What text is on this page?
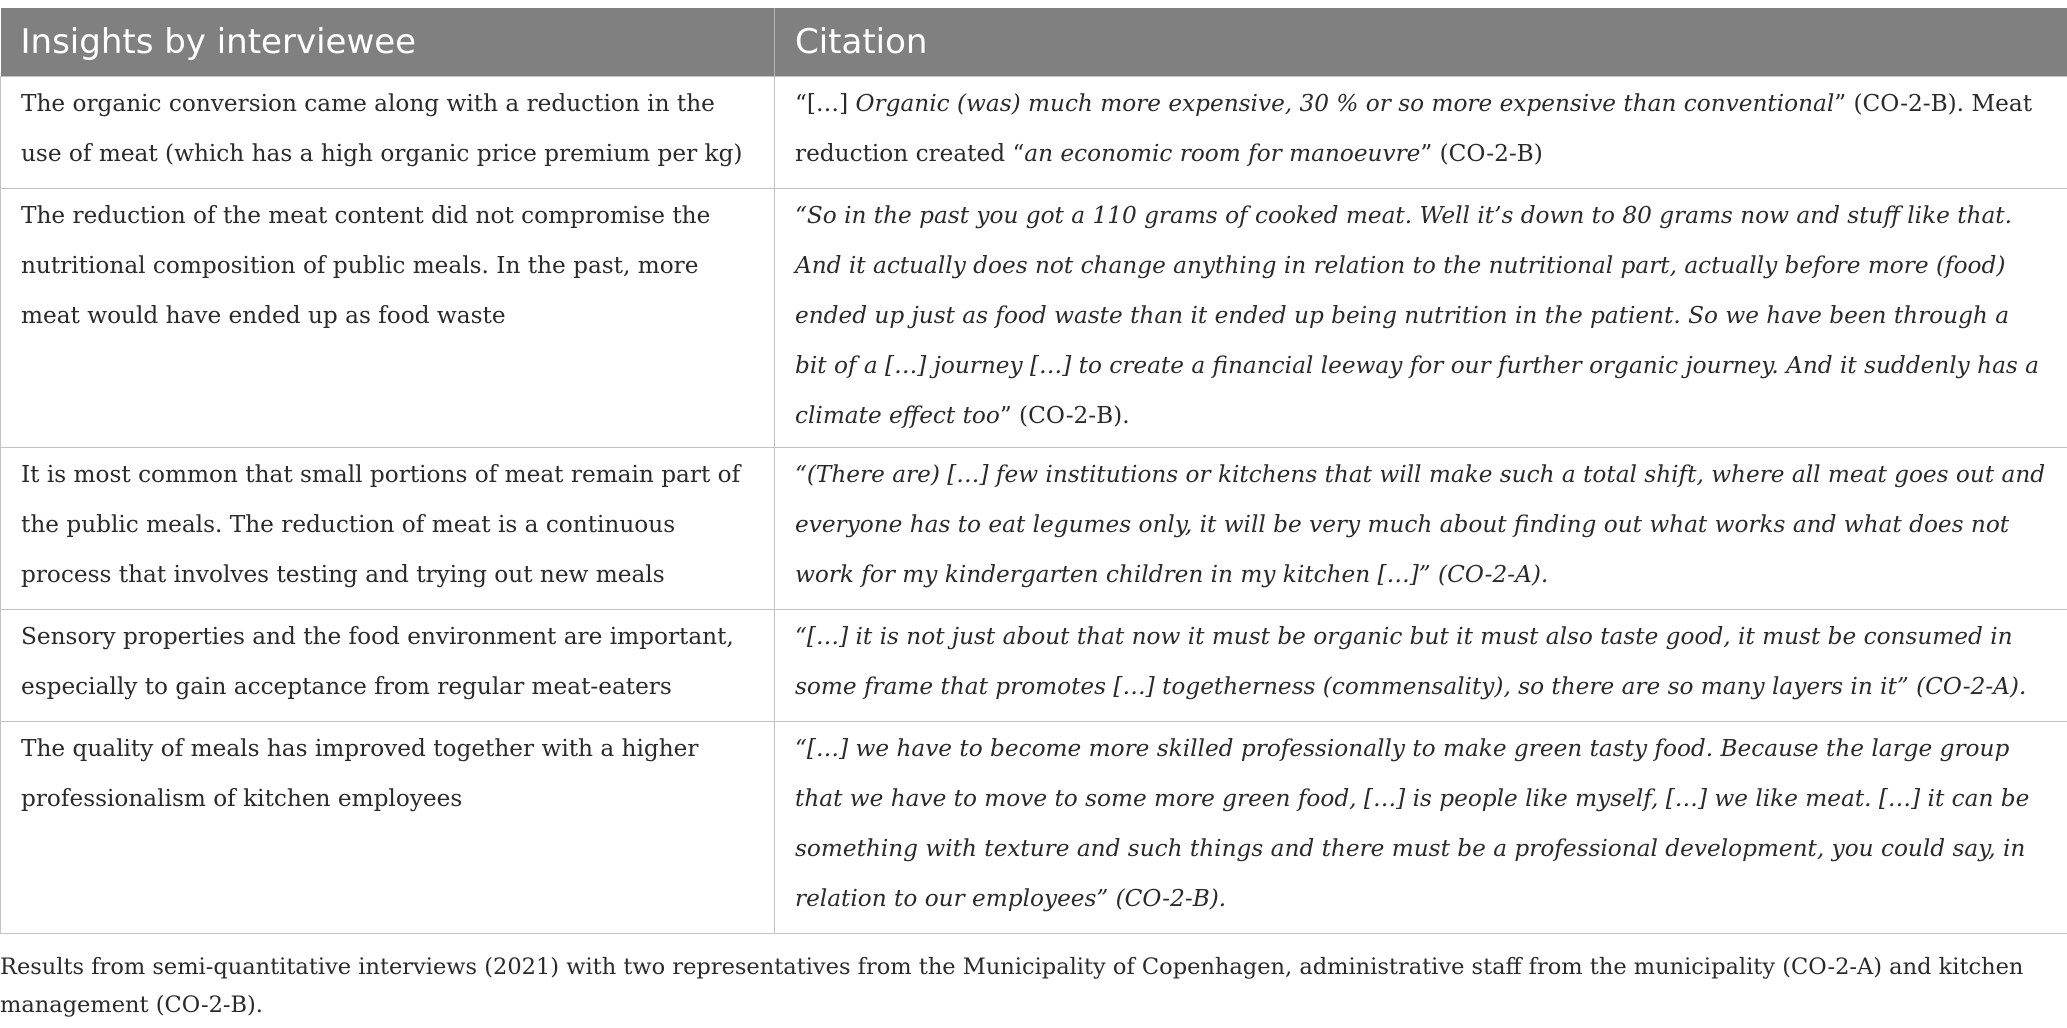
Insights by interviewee	Citation
The organic conversion came along with a reduction in the use of meat (which has a high organic price premium per kg)	“[…] Organic (was) much more expensive, 30 % or so more expensive than conventional” (CO-2-B). Meat reduction created “an economic room for manoeuvre” (CO-2-B)
The reduction of the meat content did not compromise the nutritional composition of public meals. In the past, more meat would have ended up as food waste	“So in the past you got a 110 grams of cooked meat. Well it’s down to 80 grams now and stuff like that. And it actually does not change anything in relation to the nutritional part, actually before more (food) ended up just as food waste than it ended up being nutrition in the patient. So we have been through a bit of a […] journey […] to create a financial leeway for our further organic journey. And it suddenly has a climate effect too” (CO-2-B).
It is most common that small portions of meat remain part of the public meals. The reduction of meat is a continuous process that involves testing and trying out new meals	“(There are) […] few institutions or kitchens that will make such a total shift, where all meat goes out and everyone has to eat legumes only, it will be very much about finding out what works and what does not work for my kindergarten children in my kitchen […]” (CO-2-A).
Sensory properties and the food environment are important, especially to gain acceptance from regular meat-eaters	“[…] it is not just about that now it must be organic but it must also taste good, it must be consumed in some frame that promotes […] togetherness (commensality), so there are so many layers in it” (CO-2-A).
The quality of meals has improved together with a higher professionalism of kitchen employees	“[…] we have to become more skilled professionally to make green tasty food. Because the large group that we have to move to some more green food, […] is people like myself, […] we like meat. […] it can be something with texture and such things and there must be a professional development, you could say, in relation to our employees” (CO-2-B).
Results from semi-quantitative interviews (2021) with two representatives from the Municipality of Copenhagen, administrative staff from the municipality (CO-2-A) and kitchen management (CO-2-B).
